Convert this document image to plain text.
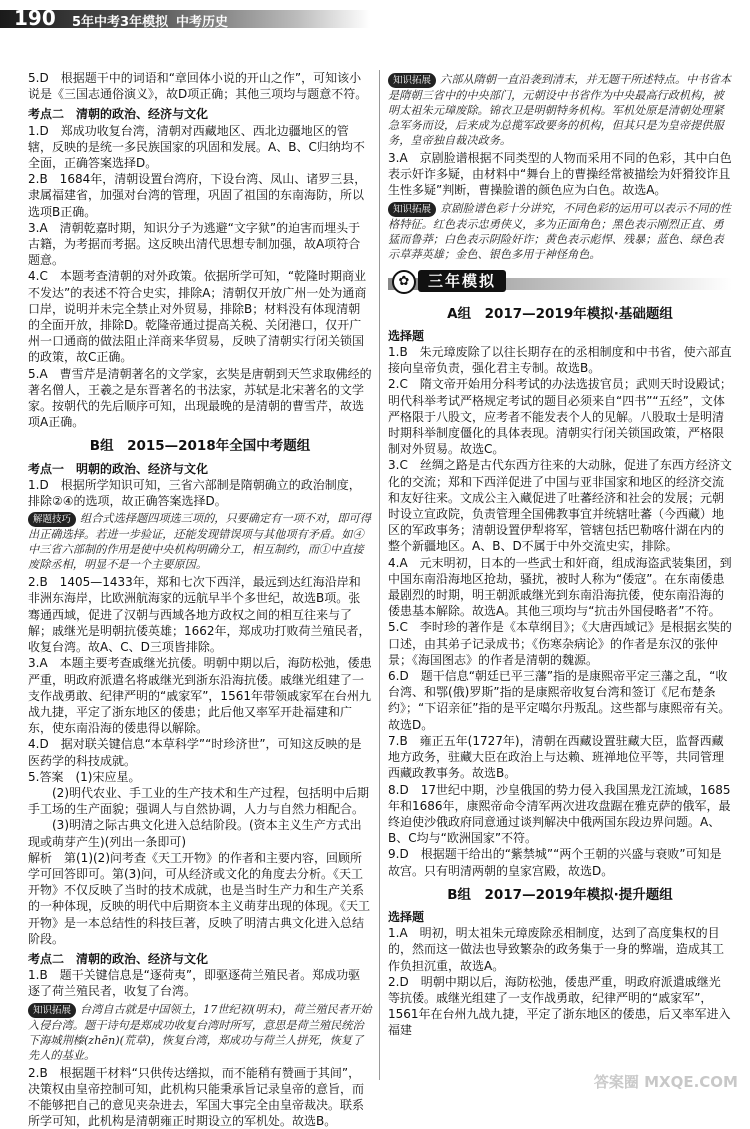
190 5年中考3年模拟 中考历史

5.D　根据题干中的词语和“章回体小说的开山之作”，可知该小说是《三国志通俗演义》，故D项正确；其他三项均与题意不符。

考点二　清朝的政治、经济与文化

1.D　郑成功收复台湾，清朝对西藏地区、西北边疆地区的管辖，反映的是统一多民族国家的巩固和发展。A、B、C归纳均不全面，正确答案选择D。

2.B　1684年，清朝设置台湾府，下设台湾、凤山、诸罗三县，隶属福建省，加强对台湾的管理，巩固了祖国的东南海防，所以选项B正确。

3.A　清朝乾嘉时期，知识分子为逃避“文字狱”的迫害而埋头于古籍，为考据而考据。这反映出清代思想专制加强，故A项符合题意。

4.C　本题考查清朝的对外政策。依据所学可知，“乾隆时期商业不发达”的表述不符合史实，排除A；清朝仅开放广州一处为通商口岸，说明并未完全禁止对外贸易，排除B；材料没有体现清朝的全面开放，排除D。乾隆帝通过提高关税、关闭港口，仅开广州一口通商的做法阻止洋商来华贸易，反映了清朝实行闭关锁国的政策，故C正确。

5.A　曹雪芹是清朝著名的文学家，玄奘是唐朝到天竺求取佛经的著名僧人，王羲之是东晋著名的书法家，苏轼是北宋著名的文学家。按朝代的先后顺序可知，出现最晚的是清朝的曹雪芹，故选项A正确。

B组　2015—2018年全国中考题组

考点一　明朝的政治、经济与文化

1.D　根据所学知识可知，三省六部制是隋朝确立的政治制度，排除②④的选项，故正确答案选择D。

解题技巧 组合式选择题四项选三项的，只要确定有一项不对，即可得出正确选择。若进一步验证，还能发现错误项与其他项有矛盾。如④中三省六部制的作用是使中央机构明确分工，相互制约，而①中直接废除丞相，明显不是一个主要原因。

2.B　1405—1433年，郑和七次下西洋，最远到达红海沿岸和非洲东海岸，比欧洲航海家的远航早半个多世纪，故选B项。张骞通西域，促进了汉朝与西域各地方政权之间的相互往来与了解；戚继光是明朝抗倭英雄；1662年，郑成功打败荷兰殖民者，收复台湾。故A、C、D三项皆排除。

3.A　本题主要考查戚继光抗倭。明朝中期以后，海防松弛，倭患严重，明政府派遣名将戚继光到浙东沿海抗倭。戚继光组建了一支作战勇敢、纪律严明的“戚家军”，1561年带领戚家军在台州九战九捷，平定了浙东地区的倭患；此后他又率军开赴福建和广东，使东南沿海的倭患得以解除。

4.D　据对联关键信息“本草科学”“时珍济世”，可知这反映的是医药学的科技成就。

5.答案　(1)宋应星。

　　(2)明代农业、手工业的生产技术和生产过程，包括明中后期手工场的生产面貌；强调人与自然协调，人力与自然力相配合。

　　(3)明清之际古典文化进入总结阶段。(资本主义生产方式出现或萌芽产生)(列出一条即可)

解析　第(1)(2)问考查《天工开物》的作者和主要内容，回顾所学可回答即可。第(3)问，可从经济或文化的角度去分析。《天工开物》不仅反映了当时的技术成就，也是当时生产力和生产关系的一种体现，反映的明代中后期资本主义萌芽出现的体现。《天工开物》是一本总结性的科技巨著，反映了明清古典文化进入总结阶段。

考点二　清朝的政治、经济与文化

1.B　题干关键信息是“逐荷夷”，即驱逐荷兰殖民者。郑成功驱逐了荷兰殖民者，收复了台湾。

知识拓展 台湾自古就是中国领土，17世纪初(明末)，荷兰殖民者开始入侵台湾。题干诗句是郑成功收复台湾时所写，意思是荷兰殖民统治下海城荆榛(zhēn)(荒草)，恢复台湾，郑成功与荷兰人拼死，恢复了先人的基业。

2.B　根据题干材料“只供传达缮拟，而不能稍有赞画于其间”，决策权由皇帝控制可知，此机构只能秉承旨记录皇帝的意旨，而不能够把自己的意见夹杂进去，军国大事完全由皇帝裁决。联系所学可知，此机构是清朝雍正时期设立的军机处。故选B。

知识拓展 六部从隋朝一直沿袭到清末，并无题干所述特点。中书省本是隋朝三省中的中央部门，元朝设中书省作为中央最高行政机构，被明太祖朱元璋废除。锦衣卫是明朝特务机构。军机处原是清朝处理紧急军务而设，后来成为总揽军政要务的机构，但其只是为皇帝提供服务，皇帝独自裁决政务。

3.A　京剧脸谱根据不同类型的人物而采用不同的色彩，其中白色表示奸诈多疑，由材料中“舞台上的曹操经常被描绘为奸猾狡诈且生性多疑”判断，曹操脸谱的颜色应为白色。故选A。

知识拓展 京剧脸谱色彩十分讲究，不同色彩的运用可以表示不同的性格特征。红色表示忠勇侠义，多为正面角色；黑色表示刚烈正直、勇猛而鲁莽；白色表示阴险奸诈；黄色表示彪悍、残暴；蓝色、绿色表示草莽英雄；金色、银色多用于神怪角色。

✿	三年模拟

A组　2017—2019年模拟·基础题组

选择题

1.B　朱元璋废除了以往长期存在的丞相制度和中书省，使六部直接向皇帝负责，强化君主专制。故选B。

2.C　隋文帝开始用分科考试的办法选拔官员；武则天时设殿试；明代科举考试严格规定考试的题目必须来自“四书”“五经”，文体严格限于八股文，应考者不能发表个人的见解。八股取士是明清时期科举制度僵化的具体表现。清朝实行闭关锁国政策，严格限制对外贸易。故选C。

3.C　丝绸之路是古代东西方往来的大动脉，促进了东西方经济文化的交流；郑和下西洋促进了中国与亚非国家和地区的经济交流和友好往来。文成公主入藏促进了吐蕃经济和社会的发展；元朝时设立宣政院，负责管理全国佛教事宜并统辖吐蕃（今西藏）地区的军政事务；清朝设置伊犁将军，管辖包括巴勒喀什湖在内的整个新疆地区。A、B、D不属于中外交流史实，排除。

4.A　元末明初，日本的一些武士和奸商，组成海盗武装集团，到中国东南沿海地区抢劫，骚扰，被时人称为“倭寇”。在东南倭患最剧烈的时期，明王朝派戚继光到东南沿海抗倭，使东南沿海的倭患基本解除。故选A。其他三项均与“抗击外国侵略者”不符。

5.C　李时珍的著作是《本草纲目》；《大唐西域记》是根据玄奘的口述，由其弟子记录成书；《伤寒杂病论》的作者是东汉的张仲景；《海国图志》的作者是清朝的魏源。

6.D　题干信息“朝廷已平三藩”指的是康熙帝平定三藩之乱，“收台湾、和鄂(俄)罗斯”指的是康熙帝收复台湾和签订《尼布楚条约》；“下诏亲征”指的是平定噶尔丹叛乱。这些都与康熙帝有关。故选D。

7.B　雍正五年(1727年)，清朝在西藏设置驻藏大臣，监督西藏地方政务，驻藏大臣在政治上与达赖、班禅地位平等，共同管理西藏政教事务。故选B。

8.D　17世纪中期，沙皇俄国的势力侵入我国黑龙江流域，1685年和1686年，康熙帝命令清军两次进攻盘踞在雅克萨的俄军，最终迫使沙俄政府同意通过谈判解决中俄两国东段边界问题。A、B、C均与“欧洲国家”不符。

9.D　根据题干给出的“紫禁城”“两个王朝的兴盛与衰败”可知是故宫。只有明清两朝的皇家宫殿，故选D。

B组　2017—2019年模拟·提升题组

选择题

1.A　明初，明太祖朱元璋废除丞相制度，达到了高度集权的目的，然而这一做法也导致繁杂的政务集于一身的弊端，造成其工作负担沉重，故选A。

2.D　明朝中期以后，海防松弛，倭患严重，明政府派遣戚继光等抗倭。戚继光组建了一支作战勇敢，纪律严明的“戚家军”，1561年在台州九战九捷，平定了浙东地区的倭患，后又率军进入福建

答案圈 MXQE.COM
